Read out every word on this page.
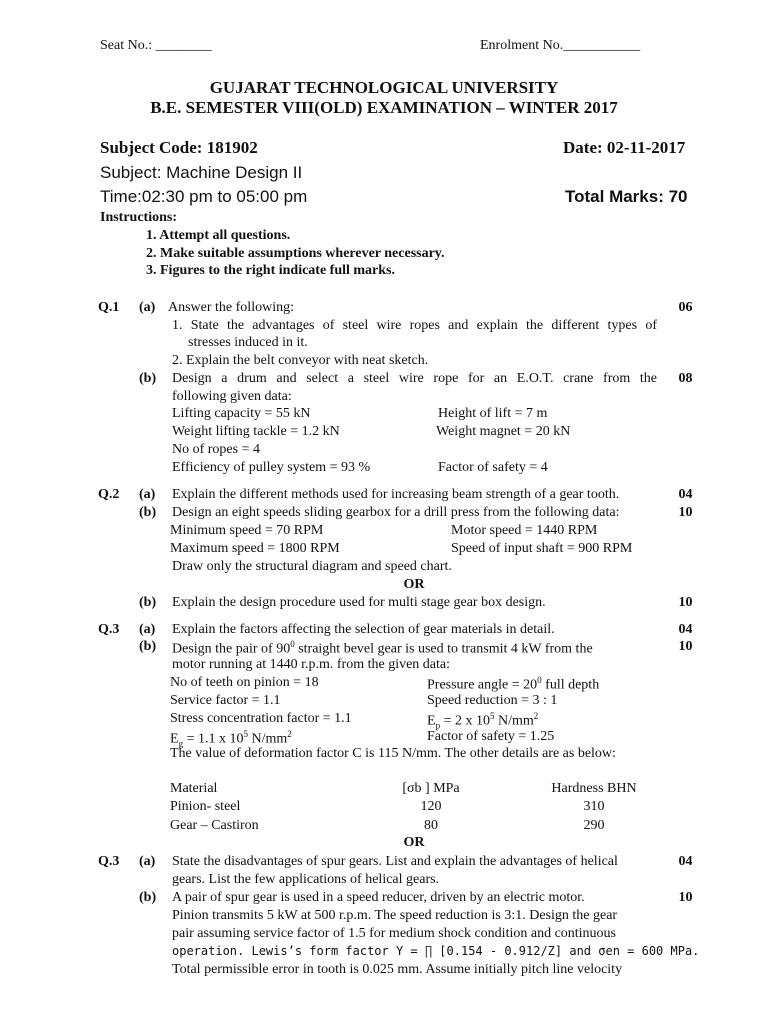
Seat No.: ________	Enrolment No.___________
GUJARAT TECHNOLOGICAL UNIVERSITY
B.E. SEMESTER VIII(OLD) EXAMINATION – WINTER 2017
Subject Code: 181902	Date: 02-11-2017
Subject: Machine Design II
Time:02:30 pm to 05:00 pm	Total Marks: 70
Instructions:
1. Attempt all questions.
2. Make suitable assumptions wherever necessary.
3. Figures to the right indicate full marks.
Q.1 (a) Answer the following:	06
1. State the advantages of steel wire ropes and explain the different types of
stresses induced in it.
2. Explain the belt conveyor with neat sketch.
(b) Design a drum and select a steel wire rope for an E.O.T. crane from the	08
following given data:
Lifting capacity = 55 kN	Height of lift = 7 m
Weight lifting tackle = 1.2 kN	Weight magnet = 20 kN
No of ropes = 4
Efficiency of pulley system = 93 %	Factor of safety = 4
Q.2 (a) Explain the different methods used for increasing beam strength of a gear tooth.	04
(b) Design an eight speeds sliding gearbox for a drill press from the following data:	10
Minimum speed = 70 RPM	Motor speed = 1440 RPM
Maximum speed = 1800 RPM	Speed of input shaft = 900 RPM
Draw only the structural diagram and speed chart.
OR
(b) Explain the design procedure used for multi stage gear box design.	10
Q.3 (a) Explain the factors affecting the selection of gear materials in detail.	04
(b) Design the pair of $90^0$ straight bevel gear is used to transmit 4 kW from the	10
motor running at 1440 r.p.m. from the given data:
No of teeth on pinion = 18	Pressure angle = $20^0$ full depth
Service factor = 1.1	Speed reduction = 3 : 1
Stress concentration factor = 1.1	$E_p = 2$ x $10^5$ $N/mm^2$
$E_g = 1.1$ x $10^5$ $N/mm^2$	Factor of safety = 1.25
The value of deformation factor C is 115 N/mm. The other details are as below:
Material	[σb ] MPa	Hardness BHN
Pinion- steel	120	310
Gear – Castiron	80	290
OR
Q.3 (a) State the disadvantages of spur gears. List and explain the advantages of helical	04
gears. List the few applications of helical gears.
(b) A pair of spur gear is used in a speed reducer, driven by an electric motor.	10
Pinion transmits 5 kW at 500 r.p.m. The speed reduction is 3:1. Design the gear
pair assuming service factor of 1.5 for medium shock condition and continuous
operation. Lewis’s form factor Y = ∏ [0.154 - 0.912/Z] and σen = 600 MPa.
Total permissible error in tooth is 0.025 mm. Assume initially pitch line velocity
